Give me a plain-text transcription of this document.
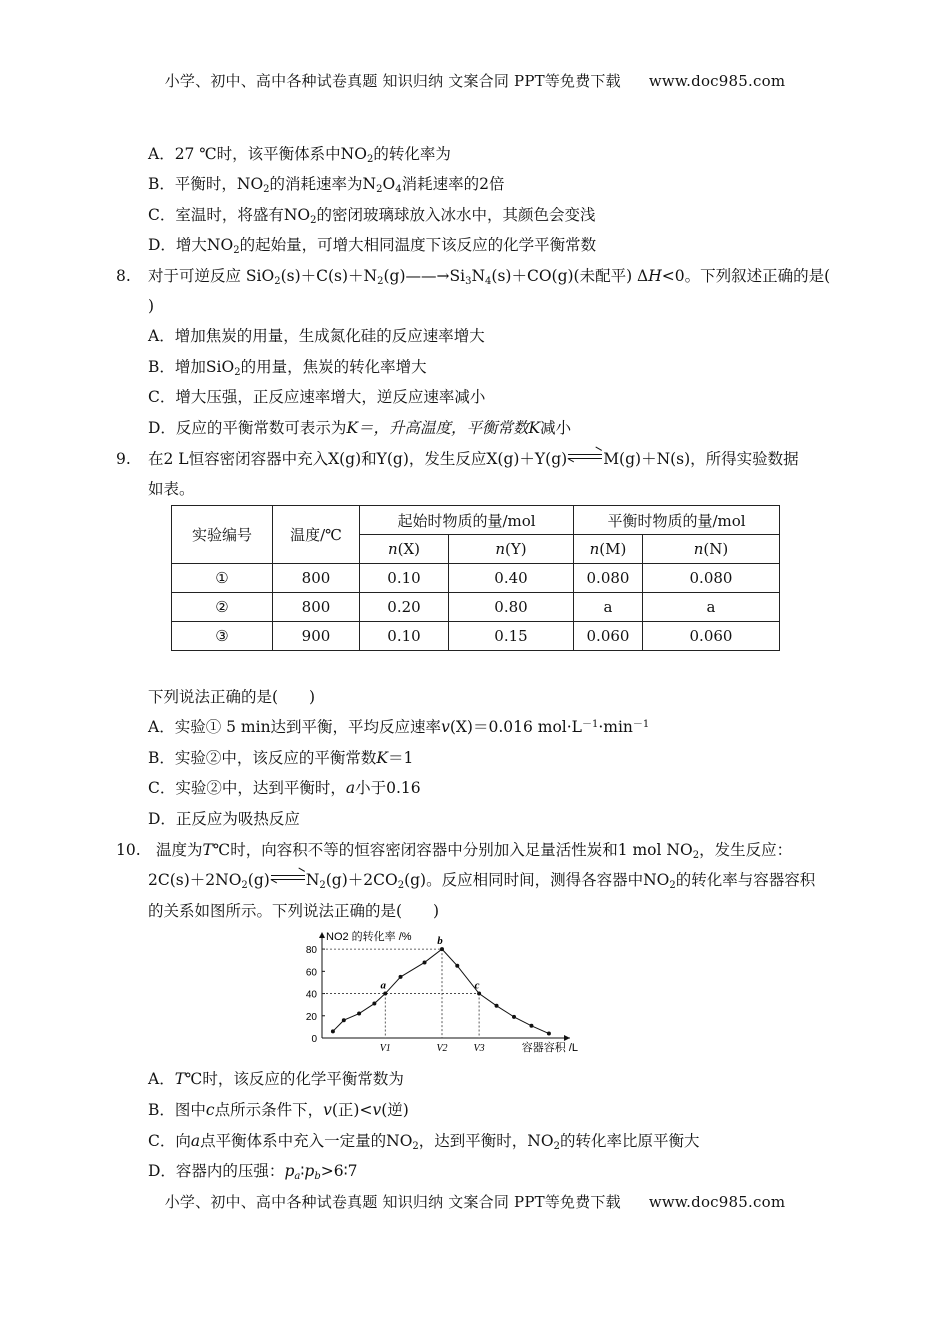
小学、初中、高中各种试卷真题 知识归纳 文案合同 PPT等免费下载 www.doc985.com
A．27 ℃时，该平衡体系中$NO_2$的转化率为
B．平衡时，$NO_2$的消耗速率为$N_2O_4$消耗速率的2倍
C．室温时，将盛有$NO_2$的密闭玻璃球放入冰水中，其颜色会变浅
D．增大$NO_2$的起始量，可增大相同温度下该反应的化学平衡常数
8. 对于可逆反应 $SiO_2(s)+C(s)+N_2(g)——\to Si_3N_4(s)+CO(g)$(未配平) ΔH<0。下列叙述正确的是(
)
A．增加焦炭的用量，生成氮化硅的反应速率增大
B．增加SiO$_2$的用量，焦炭的转化率增大
C．增大压强，正反应速率增大，逆反应速率减小
D．反应的平衡常数可表示为K＝，升高温度，平衡常数K减小
9. 在2 L恒容密闭容器中充入X(g)和Y(g)，发生反应X(g)＋Y(g) M(g)＋N(s)，所得实验数据
如表。
实验编号	温度/℃	起始时物质的量/mol		平衡时物质的量/mol	
		n(X)	n(Y)	n(M)	n(N)
①	800	0.10	0.40	0.080	0.080
②	800	0.20	0.80	a	a
③	900	0.10	0.15	0.060	0.060
下列说法正确的是(　　)
A．实验① 5 min达到平衡，平均反应速率v(X)＝0.016 $mol\cdot L^{-1}\cdot\min^{-1}$
B．实验②中，该反应的平衡常数K＝1
C．实验②中，达到平衡时，a小于0.16
D．正反应为吸热反应
10. 温度为T℃时，向容积不等的恒容密闭容器中分别加入足量活性炭和1 mol $NO_2$，发生反应：
$2C(s)+2NO_2(g)$ $N_2(g)+2CO_2(g)$。反应相同时间，测得各容器中$NO_2$的转化率与容器容积
的关系如图所示。下列说法正确的是(　　)
0
20
40
60
80
V1	V2	V3
a
b
c
NO2 的转化率 /%
容器容积 /L
A．T℃时，该反应的化学平衡常数为
B．图中c点所示条件下，v(正)<v(逆)
C．向a点平衡体系中充入一定量的$NO_2$，达到平衡时，$NO_2$的转化率比原平衡大
D．容器内的压强：$p_a∶p_b>6∶7$
小学、初中、高中各种试卷真题 知识归纳 文案合同 PPT等免费下载 www.doc985.com
